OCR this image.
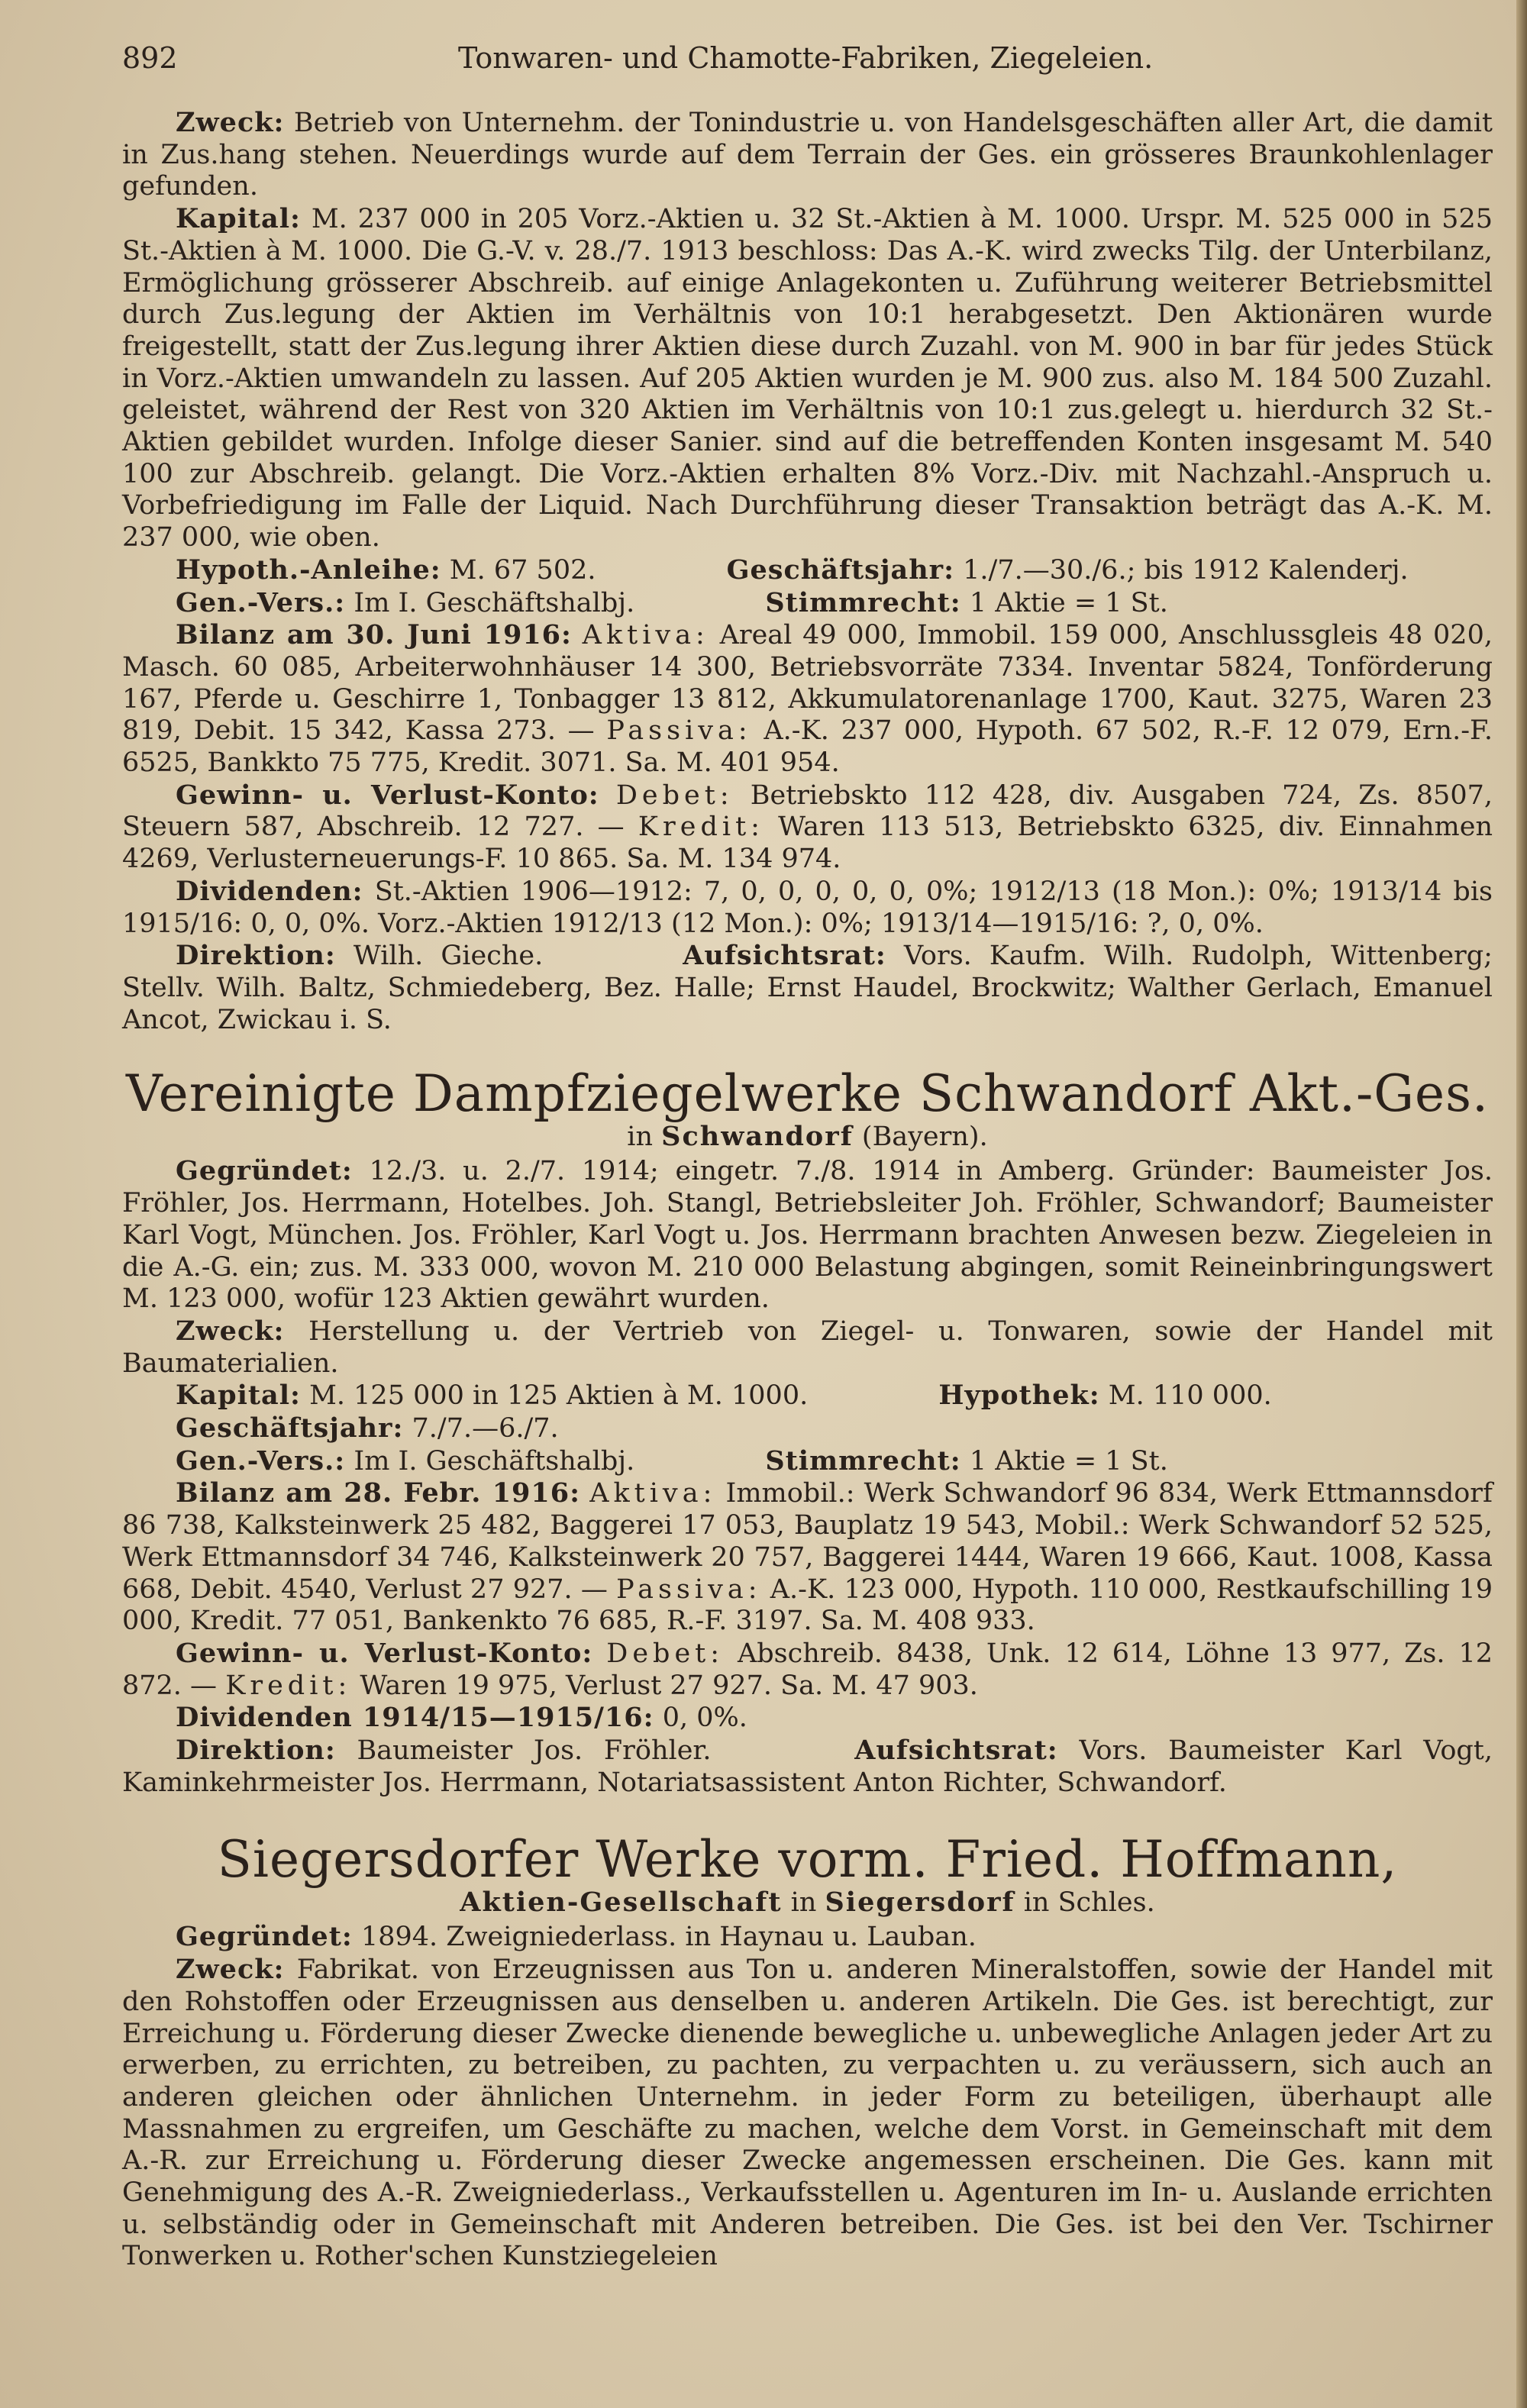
892	Tonwaren- und Chamotte-Fabriken, Ziegeleien.

Zweck: Betrieb von Unternehm. der Tonindustrie u. von Handelsgeschäften aller Art, die damit in Zus.hang stehen. Neuerdings wurde auf dem Terrain der Ges. ein grösseres Braunkohlenlager gefunden.

Kapital: M. 237 000 in 205 Vorz.-Aktien u. 32 St.-Aktien à M. 1000. Urspr. M. 525 000 in 525 St.-Aktien à M. 1000. Die G.-V. v. 28./7. 1913 beschloss: Das A.-K. wird zwecks Tilg. der Unterbilanz, Ermöglichung grösserer Abschreib. auf einige Anlagekonten u. Zuführung weiterer Betriebsmittel durch Zus.legung der Aktien im Verhältnis von 10:1 herabgesetzt. Den Aktionären wurde freigestellt, statt der Zus.legung ihrer Aktien diese durch Zuzahl. von M. 900 in bar für jedes Stück in Vorz.-Aktien umwandeln zu lassen. Auf 205 Aktien wurden je M. 900 zus. also M. 184 500 Zuzahl. geleistet, während der Rest von 320 Aktien im Verhältnis von 10:1 zus.gelegt u. hierdurch 32 St.-Aktien gebildet wurden. Infolge dieser Sanier. sind auf die betreffenden Konten insgesamt M. 540 100 zur Abschreib. gelangt. Die Vorz.-Aktien erhalten 8% Vorz.-Div. mit Nachzahl.-Anspruch u. Vorbefriedigung im Falle der Liquid. Nach Durchführung dieser Transaktion beträgt das A.-K. M. 237 000, wie oben.

Hypoth.-Anleihe: M. 67 502.	Geschäftsjahr: 1./7.—30./6.; bis 1912 Kalenderj.

Gen.-Vers.: Im I. Geschäftshalbj.	Stimmrecht: 1 Aktie = 1 St.

Bilanz am 30. Juni 1916: Aktiva: Areal 49 000, Immobil. 159 000, Anschlussgleis 48 020, Masch. 60 085, Arbeiterwohnhäuser 14 300, Betriebsvorräte 7334. Inventar 5824, Tonförderung 167, Pferde u. Geschirre 1, Tonbagger 13 812, Akkumulatorenanlage 1700, Kaut. 3275, Waren 23 819, Debit. 15 342, Kassa 273. — Passiva: A.-K. 237 000, Hypoth. 67 502, R.-F. 12 079, Ern.-F. 6525, Bankkto 75 775, Kredit. 3071. Sa. M. 401 954.

Gewinn- u. Verlust-Konto: Debet: Betriebskto 112 428, div. Ausgaben 724, Zs. 8507, Steuern 587, Abschreib. 12 727. — Kredit: Waren 113 513, Betriebskto 6325, div. Einnahmen 4269, Verlusterneuerungs-F. 10 865. Sa. M. 134 974.

Dividenden: St.-Aktien 1906—1912: 7, 0, 0, 0, 0, 0, 0%; 1912/13 (18 Mon.): 0%; 1913/14 bis 1915/16: 0, 0, 0%. Vorz.-Aktien 1912/13 (12 Mon.): 0%; 1913/14—1915/16: ?, 0, 0%.

Direktion: Wilh. Gieche.	Aufsichtsrat: Vors. Kaufm. Wilh. Rudolph, Wittenberg; Stellv. Wilh. Baltz, Schmiedeberg, Bez. Halle; Ernst Haudel, Brockwitz; Walther Gerlach, Emanuel Ancot, Zwickau i. S.

Vereinigte Dampfziegelwerke Schwandorf Akt.-Ges.

in Schwandorf (Bayern).

Gegründet: 12./3. u. 2./7. 1914; eingetr. 7./8. 1914 in Amberg. Gründer: Baumeister Jos. Fröhler, Jos. Herrmann, Hotelbes. Joh. Stangl, Betriebsleiter Joh. Fröhler, Schwandorf; Baumeister Karl Vogt, München. Jos. Fröhler, Karl Vogt u. Jos. Herrmann brachten Anwesen bezw. Ziegeleien in die A.-G. ein; zus. M. 333 000, wovon M. 210 000 Belastung abgingen, somit Reineinbringungswert M. 123 000, wofür 123 Aktien gewährt wurden.

Zweck: Herstellung u. der Vertrieb von Ziegel- u. Tonwaren, sowie der Handel mit Baumaterialien.

Kapital: M. 125 000 in 125 Aktien à M. 1000.	Hypothek: M. 110 000.

Geschäftsjahr: 7./7.—6./7.

Gen.-Vers.: Im I. Geschäftshalbj.	Stimmrecht: 1 Aktie = 1 St.

Bilanz am 28. Febr. 1916: Aktiva: Immobil.: Werk Schwandorf 96 834, Werk Ettmannsdorf 86 738, Kalksteinwerk 25 482, Baggerei 17 053, Bauplatz 19 543, Mobil.: Werk Schwandorf 52 525, Werk Ettmannsdorf 34 746, Kalksteinwerk 20 757, Baggerei 1444, Waren 19 666, Kaut. 1008, Kassa 668, Debit. 4540, Verlust 27 927. — Passiva: A.-K. 123 000, Hypoth. 110 000, Restkaufschilling 19 000, Kredit. 77 051, Bankenkto 76 685, R.-F. 3197. Sa. M. 408 933.

Gewinn- u. Verlust-Konto: Debet: Abschreib. 8438, Unk. 12 614, Löhne 13 977, Zs. 12 872. — Kredit: Waren 19 975, Verlust 27 927. Sa. M. 47 903.

Dividenden 1914/15—1915/16: 0, 0%.

Direktion: Baumeister Jos. Fröhler.	Aufsichtsrat: Vors. Baumeister Karl Vogt, Kaminkehrmeister Jos. Herrmann, Notariatsassistent Anton Richter, Schwandorf.

Siegersdorfer Werke vorm. Fried. Hoffmann,

Aktien-Gesellschaft in Siegersdorf in Schles.

Gegründet: 1894. Zweigniederlass. in Haynau u. Lauban.

Zweck: Fabrikat. von Erzeugnissen aus Ton u. anderen Mineralstoffen, sowie der Handel mit den Rohstoffen oder Erzeugnissen aus denselben u. anderen Artikeln. Die Ges. ist berechtigt, zur Erreichung u. Förderung dieser Zwecke dienende bewegliche u. unbewegliche Anlagen jeder Art zu erwerben, zu errichten, zu betreiben, zu pachten, zu verpachten u. zu veräussern, sich auch an anderen gleichen oder ähnlichen Unternehm. in jeder Form zu beteiligen, überhaupt alle Massnahmen zu ergreifen, um Geschäfte zu machen, welche dem Vorst. in Gemeinschaft mit dem A.-R. zur Erreichung u. Förderung dieser Zwecke angemessen erscheinen. Die Ges. kann mit Genehmigung des A.-R. Zweigniederlass., Verkaufsstellen u. Agenturen im In- u. Auslande errichten u. selbständig oder in Gemeinschaft mit Anderen betreiben. Die Ges. ist bei den Ver. Tschirner Tonwerken u. Rother'schen Kunstziegeleien
